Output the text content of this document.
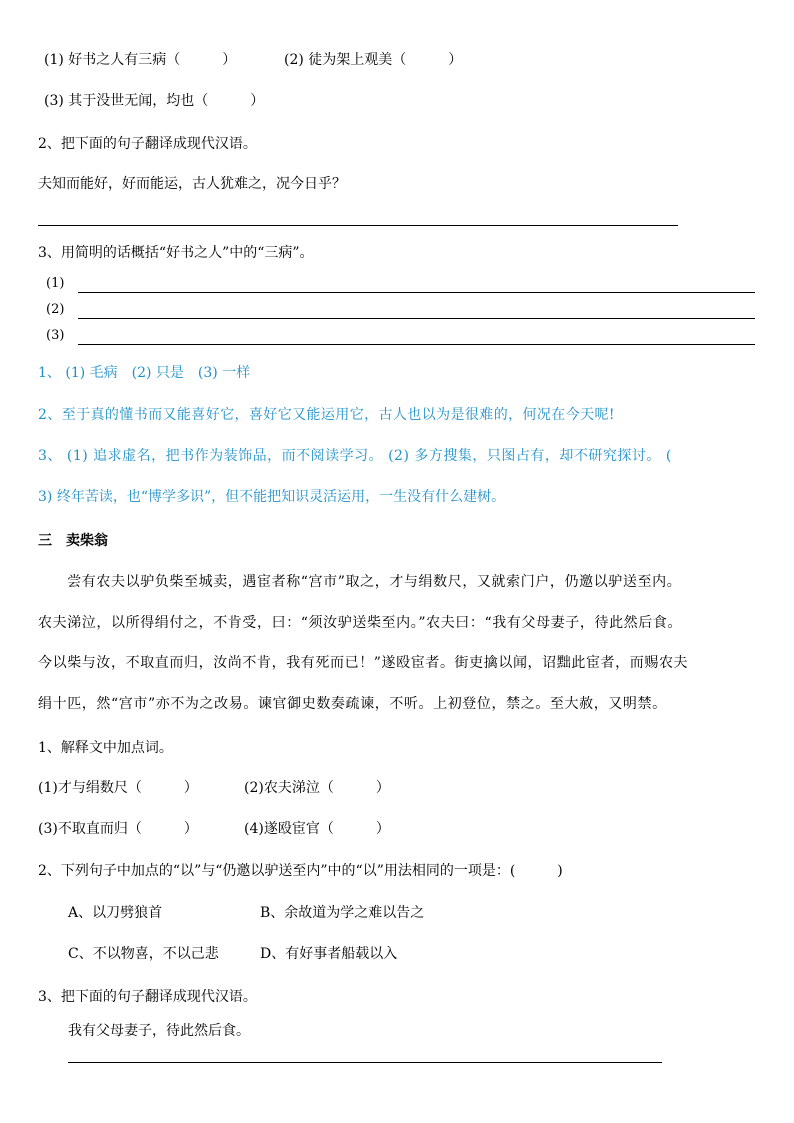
(1) 好书之人有三病（　　　）	(2) 徒为架上观美（　　　）
(3) 其于没世无闻，均也（　　　）
2、把下面的句子翻译成现代汉语。
夫知而能好，好而能运，古人犹难之，况今日乎？
3、用简明的话概括“好书之人”中的“三病”。
(1)
(2)
(3)
1、 (1) 毛病　(2) 只是　(3) 一样
2、至于真的懂书而又能喜好它，喜好它又能运用它，古人也以为是很难的，何况在今天呢!
3、 (1) 追求虚名，把书作为装饰品，而不阅读学习。 (2) 多方搜集，只图占有，却不研究探讨。 (
3) 终年苦读，也“博学多识”，但不能把知识灵活运用，一生没有什么建树。
三　卖柴翁
　　尝有农夫以驴负柴至城卖，遇宦者称“宫市”取之，才与绢数尺，又就索门户，仍邀以驴送至内。
农夫涕泣，以所得绢付之，不肯受，曰：“须汝驴送柴至内。”农夫曰：“我有父母妻子，待此然后食。
今以柴与汝，不取直而归，汝尚不肯，我有死而已！”遂殴宦者。街吏擒以闻，诏黜此宦者，而赐农夫
绢十匹，然“宫市”亦不为之改易。谏官御史数奏疏谏，不听。上初登位，禁之。至大赦，又明禁。
1、解释文中加点词。
(1)才与绢数尺（　　　）	(2)农夫涕泣（　　　）
(3)不取直而归（　　　）	(4)遂殴宦官（　　　）
2、下列句子中加点的“以”与“仍邀以驴送至内”中的“以”用法相同的一项是：(　　　)
A、以刀劈狼首	B、余故道为学之难以告之
C、不以物喜，不以己悲	D、有好事者船载以入
3、把下面的句子翻译成现代汉语。
我有父母妻子，待此然后食。
